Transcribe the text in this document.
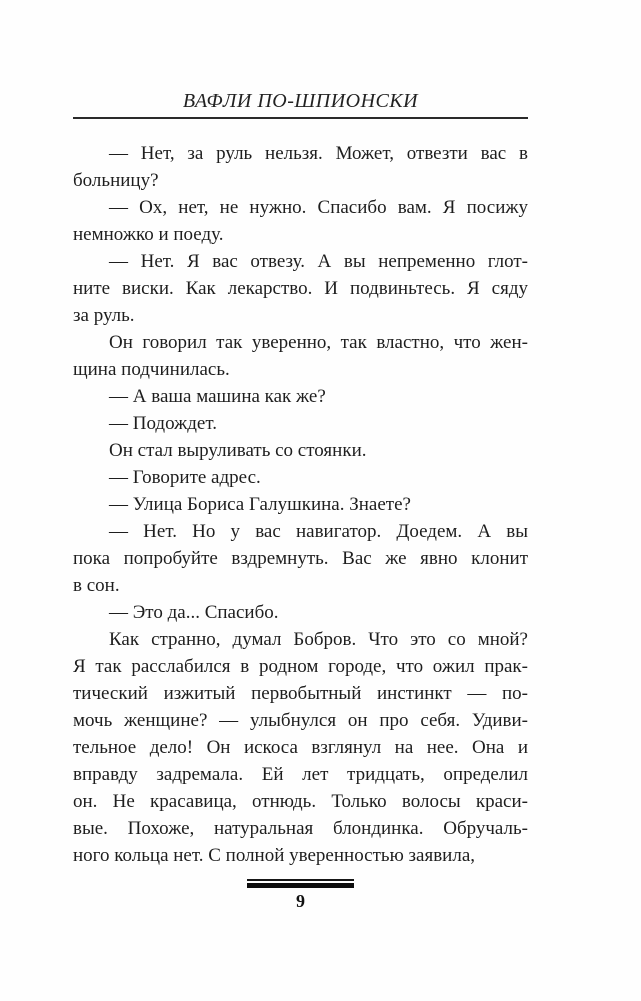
ВАФЛИ ПО-ШПИОНСКИ
— Нет, за руль нельзя. Может, отвезти вас в
больницу?
— Ох, нет, не нужно. Спасибо вам. Я посижу
немножко и поеду.
— Нет. Я вас отвезу. А вы непременно глот-
ните виски. Как лекарство. И подвиньтесь. Я сяду
за руль.
Он говорил так уверенно, так властно, что жен-
щина подчинилась.
— А ваша машина как же?
— Подождет.
Он стал выруливать со стоянки.
— Говорите адрес.
— Улица Бориса Галушкина. Знаете?
— Нет. Но у вас навигатор. Доедем. А вы
пока попробуйте вздремнуть. Вас же явно клонит
в сон.
— Это да... Спасибо.
Как странно, думал Бобров. Что это со мной?
Я так расслабился в родном городе, что ожил прак-
тический изжитый первобытный инстинкт — по-
мочь женщине? — улыбнулся он про себя. Удиви-
тельное дело! Он искоса взглянул на нее. Она и
вправду задремала. Ей лет тридцать, определил
он. Не красавица, отнюдь. Только волосы краси-
вые. Похоже, натуральная блондинка. Обручаль-
ного кольца нет. С полной уверенностью заявила,
9
